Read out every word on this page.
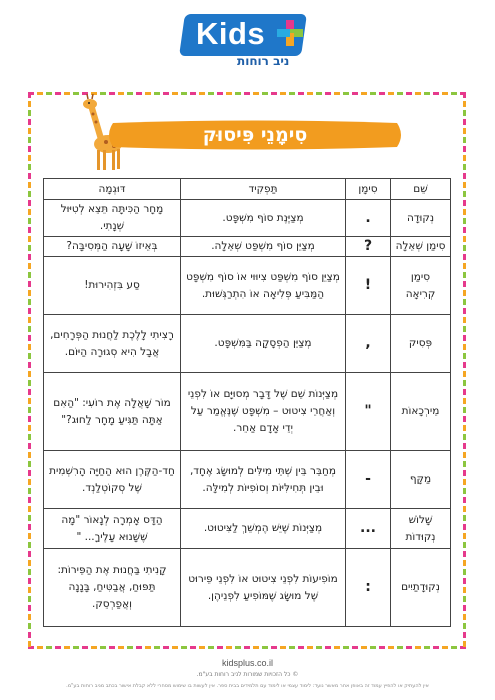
Kids
ניב רוחות
סִימָנֵי פִּיסוּק
שֵׁם	סִימָן	תַּפְקִיד	דּוּגְמָה
נְקוּדָה	.	מְצַיֶּנֶת סוֹף מִשְׁפָּט.	מָחָר הַכִּיתָּה תֵּצֵא לְטִיּוּל שְׁנָתִי.
סִימַן שְׁאֵלָה	?	מְצַיֵּן סוֹף מִשְׁפַּט שְׁאֵלָה.	בְּאֵיזוֹ שָׁעָה הַמְּסִיבָּה?
סִימַן קְרִיאָה	!	מְצַיֵּן סוֹף מִשְׁפַּט צִיוּוּי אוֹ סוֹף מִשְׁפָּט הַמַּבִּיעַ פְּלִיאָה אוֹ הִתְרַגְּשׁוּת.	סַע בִּזְהִירוּת!
פְּסִיק	,	מְצַיֵּן הַפְסָקָה בַּמִּשְׁפָּט.	רָצִיתִי לָלֶכֶת לַחֲנוּת הַפְּרָחִים, אֲבָל הִיא סְגוּרָה הַיּוֹם.
מֵירְכָאוֹת	"	מְצַיְּנוֹת שֵׁם שֶׁל דָּבָר מְסוּיָּם אוֹ לִפְנֵי וְאַחֲרֵי צִיטוּט – מִשְׁפָּט שֶׁנֶּאֱמַר עַל יְדֵי אָדָם אַחֵר.	מוֹר שָׁאֲלָה אֶת רוֹעִי: "הַאִם אַתָּה תַּגִּיעַ מָחָר לַחוּג?"
מַקָּף	-	מְחַבֵּר בֵּין שְׁתֵּי מִילִּים לְמוּשָּׂג אֶחָד, וּבֵין תְּחִילִּיּוֹת וְסוֹפִיּוֹת לְמִילָּה.	חַד-הַקֶּרֶן הוּא הַחַיָּה הָרִשְׁמִית שֶׁל סְקוֹטְלַנְד.
שָׁלוֹשׁ נְקוּדוֹת	...	מְצַיְּנוֹת שֶׁיֵּשׁ הֶמְשֵׁךְ לַצִּיטוּט.	הַדָּס אָמְרָה לְנָאוֹר "מָה שֶּׁשָּׁנוּא עָלֶיךָ... "
נְקוּדָתַיִים	:	מוֹפִיעוֹת לִפְנֵי צִיטוּט אוֹ לִפְנֵי פֵּירוּט שֶׁל מוּשָּׂג שֶׁמּוֹפִיעַ לִפְנֵיהֶן.	קָנִיתִי בַּחֲנוּת אֶת הַפֵּירוֹת: תַּפּוּחַ, אֲבַטִּיחַ, בָּנָנָה וְאֲפַרְסֵק.
kidsplus.co.il
© כל הזכויות שמורות לניב רוחות בע"מ.
אין להעתיק או להפיץ עמוד זה באופן אחר מאשר נועד: לימוד עצמי או לימוד עם תלמידים בבית ספר. אין לעשות בו שימוש מסחרי ללא קבלת אישור בכתב מניב רוחות בע"מ.
